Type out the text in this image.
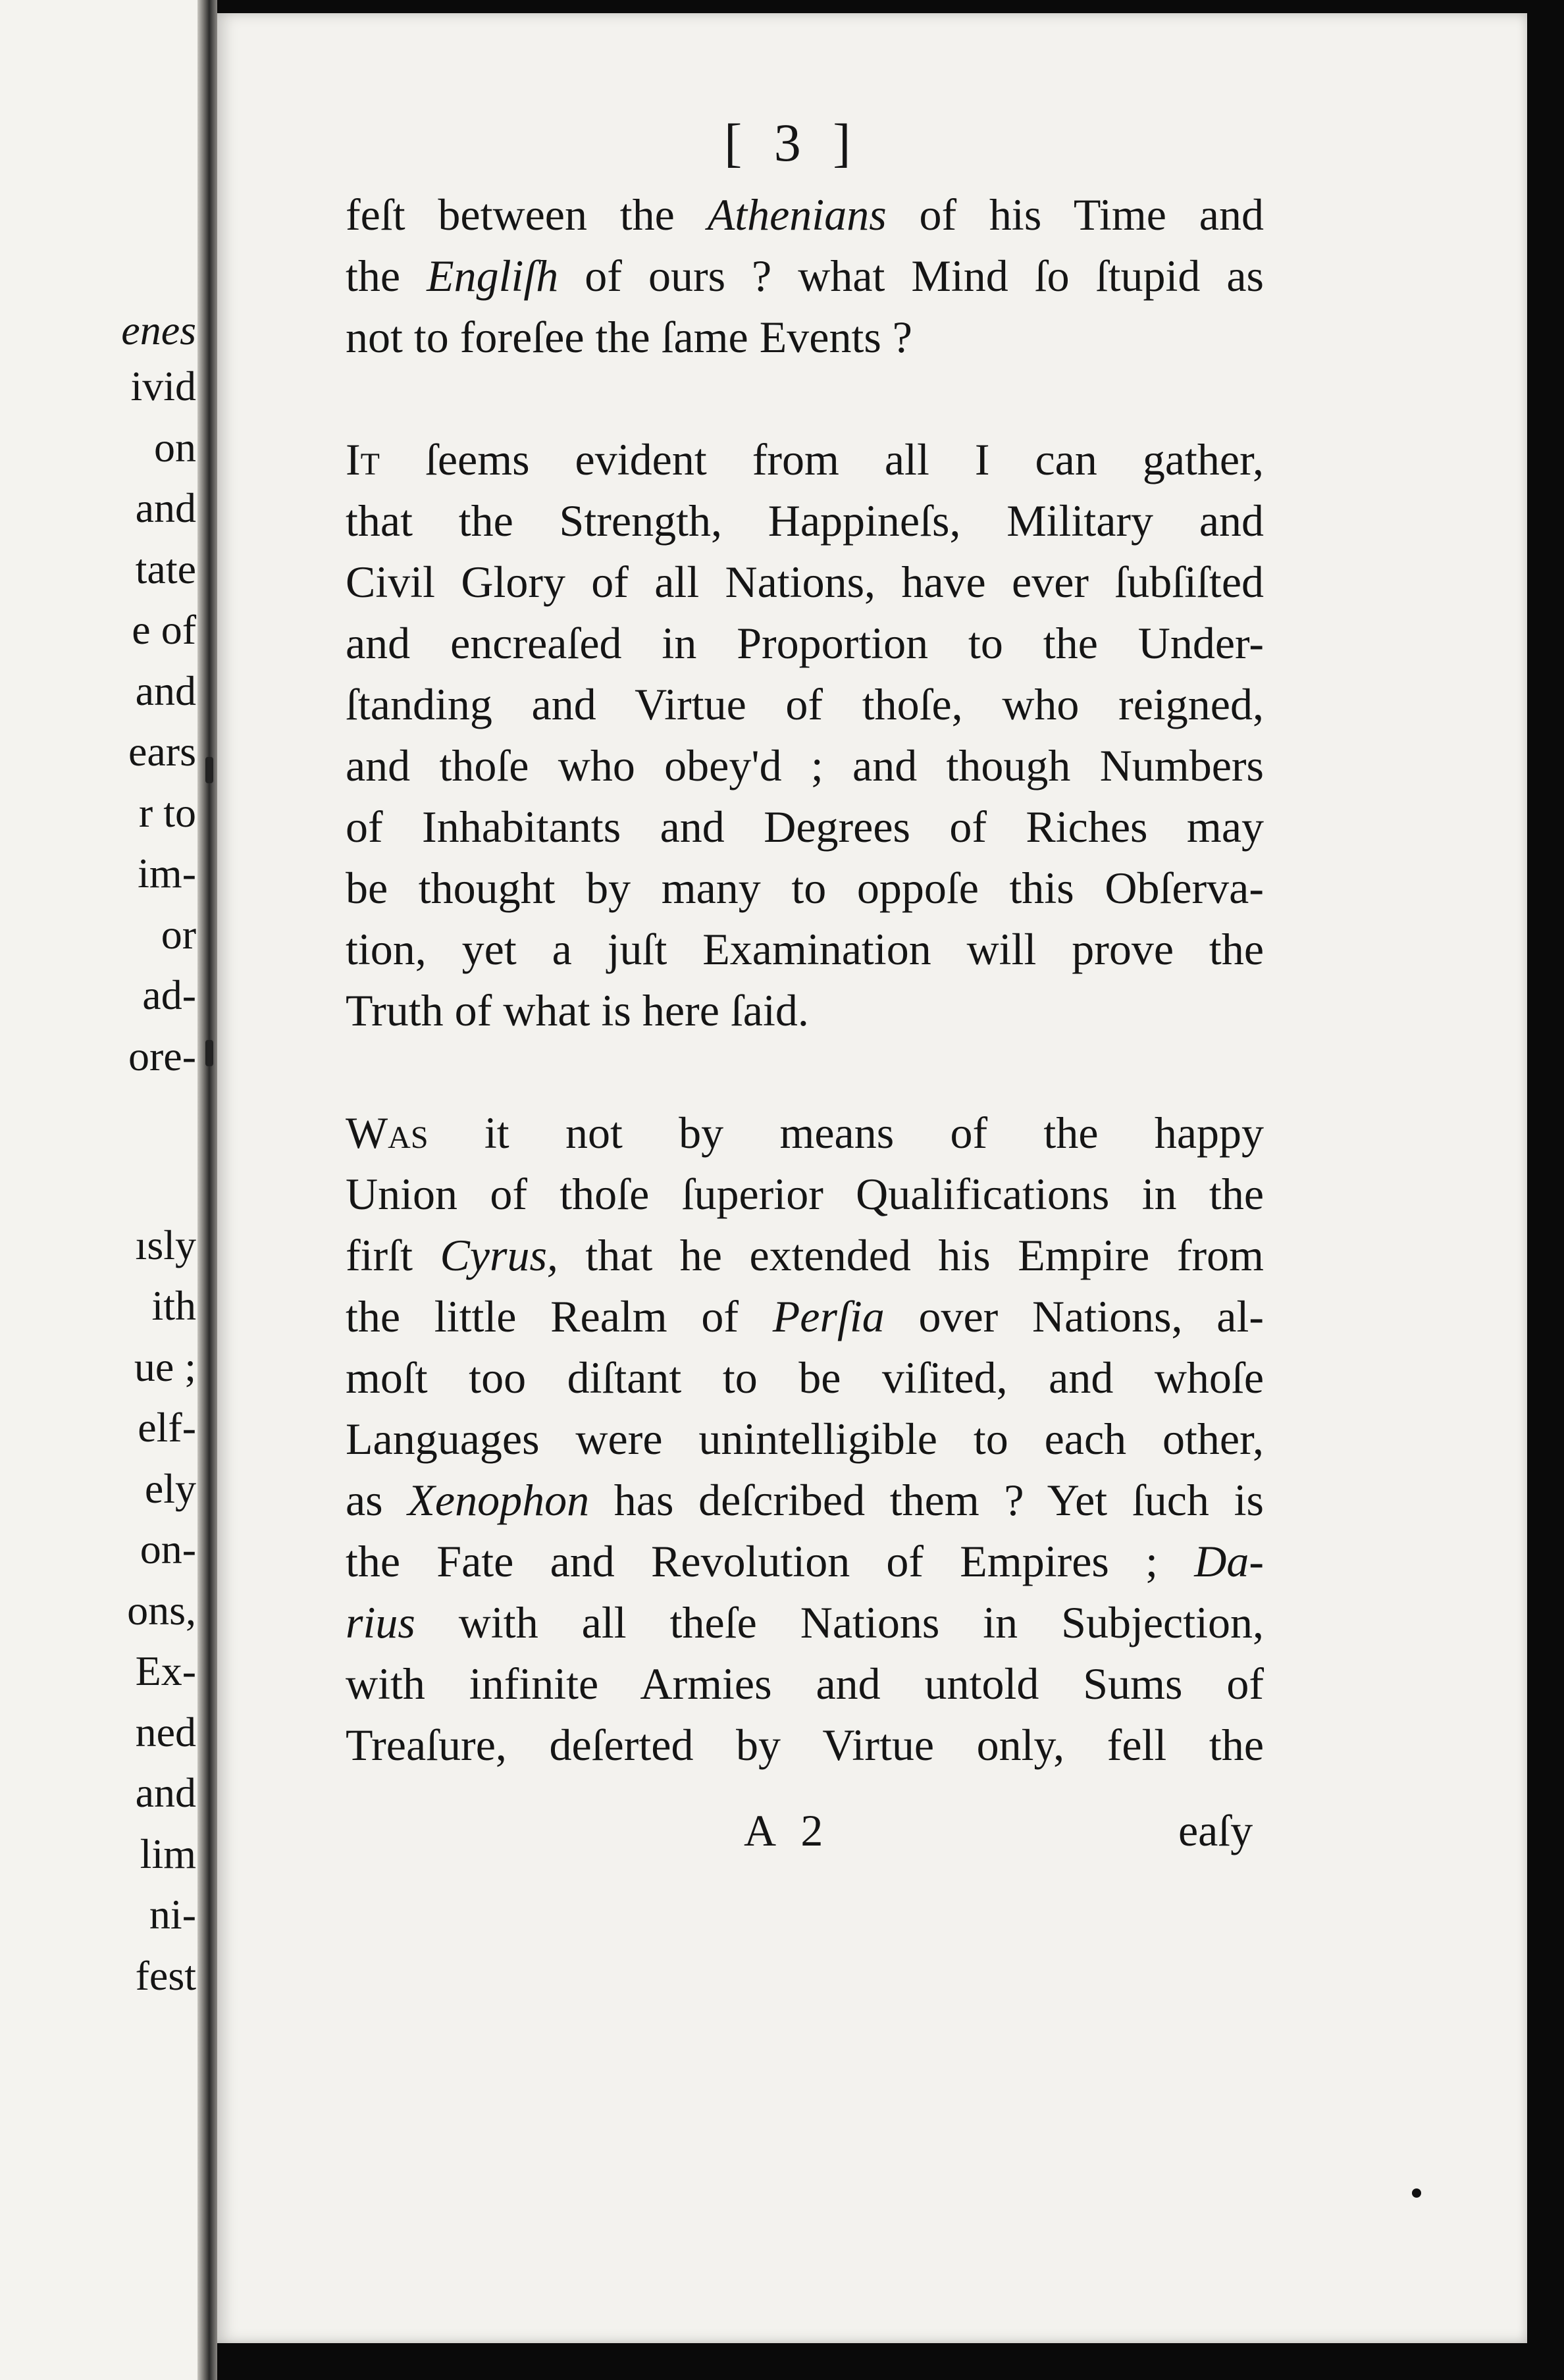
enes
ivid
on
and
tate
e of
and
ears
r to
im-
or
ad-
ore-
ısly
ith
ue ;
elf-
ely
on-
ons,
Ex-
ned
and
lim
ni-
fest
[ 3 ]
feſt between the Athenians of his Time and
the Engliſh of ours ? what Mind ſo ſtupid as
not to foreſee the ſame Events ?
It ſeems evident from all I can gather,
that the Strength, Happineſs, Military and
Civil Glory of all Nations, have ever ſubſiſted
and encreaſed in Proportion to the Under-
ſtanding and Virtue of thoſe, who reigned,
and thoſe who obey'd ; and though Numbers
of Inhabitants and Degrees of Riches may
be thought by many to oppoſe this Obſerva-
tion, yet a juſt Examination will prove the
Truth of what is here ſaid.
Was it not by means of the happy
Union of thoſe ſuperior Qualifications in the
firſt Cyrus, that he extended his Empire from
the little Realm of Perſia over Nations, al-
moſt too diſtant to be viſited, and whoſe
Languages were unintelligible to each other,
as Xenophon has deſcribed them ? Yet ſuch is
the Fate and Revolution of Empires ; Da-
rius with all theſe Nations in Subjection,
with infinite Armies and untold Sums of
Treaſure, deſerted by Virtue only, fell the
A 2	eaſy
